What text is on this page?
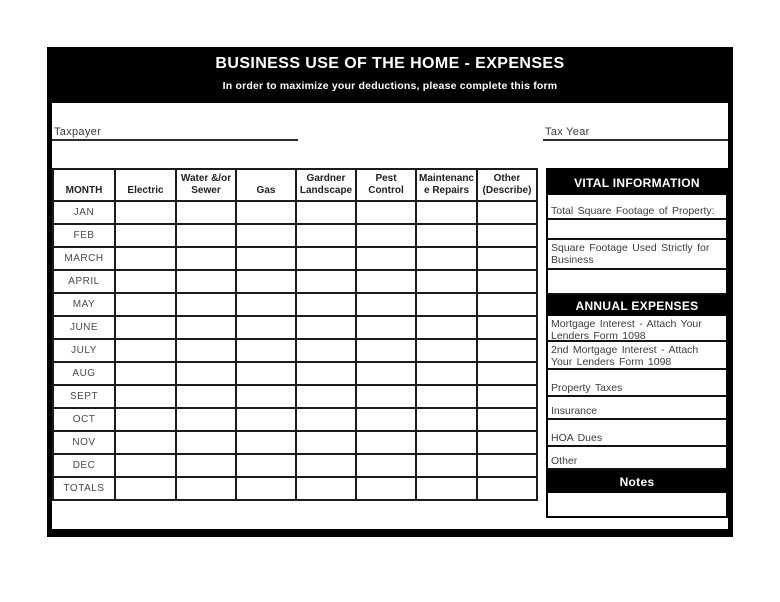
BUSINESS USE OF THE HOME - EXPENSES
In order to maximize your deductions, please complete this form
Taxpayer	Tax Year
MONTH	Electric	Water &/or Sewer	Gas	Gardner Landscape	Pest Control	Maintenanc e Repairs	Other (Describe)
JAN							
FEB							
MARCH							
APRIL							
MAY							
JUNE							
JULY							
AUG							
SEPT							
OCT							
NOV							
DEC							
TOTALS							
VITAL INFORMATION
Total Square Footage of Property:
Square Footage Used Strictly for Business
ANNUAL EXPENSES
Mortgage Interest - Attach Your Lenders Form 1098
2nd Mortgage Interest - Attach Your Lenders Form 1098
Property Taxes
Insurance
HOA Dues
Other
Notes
